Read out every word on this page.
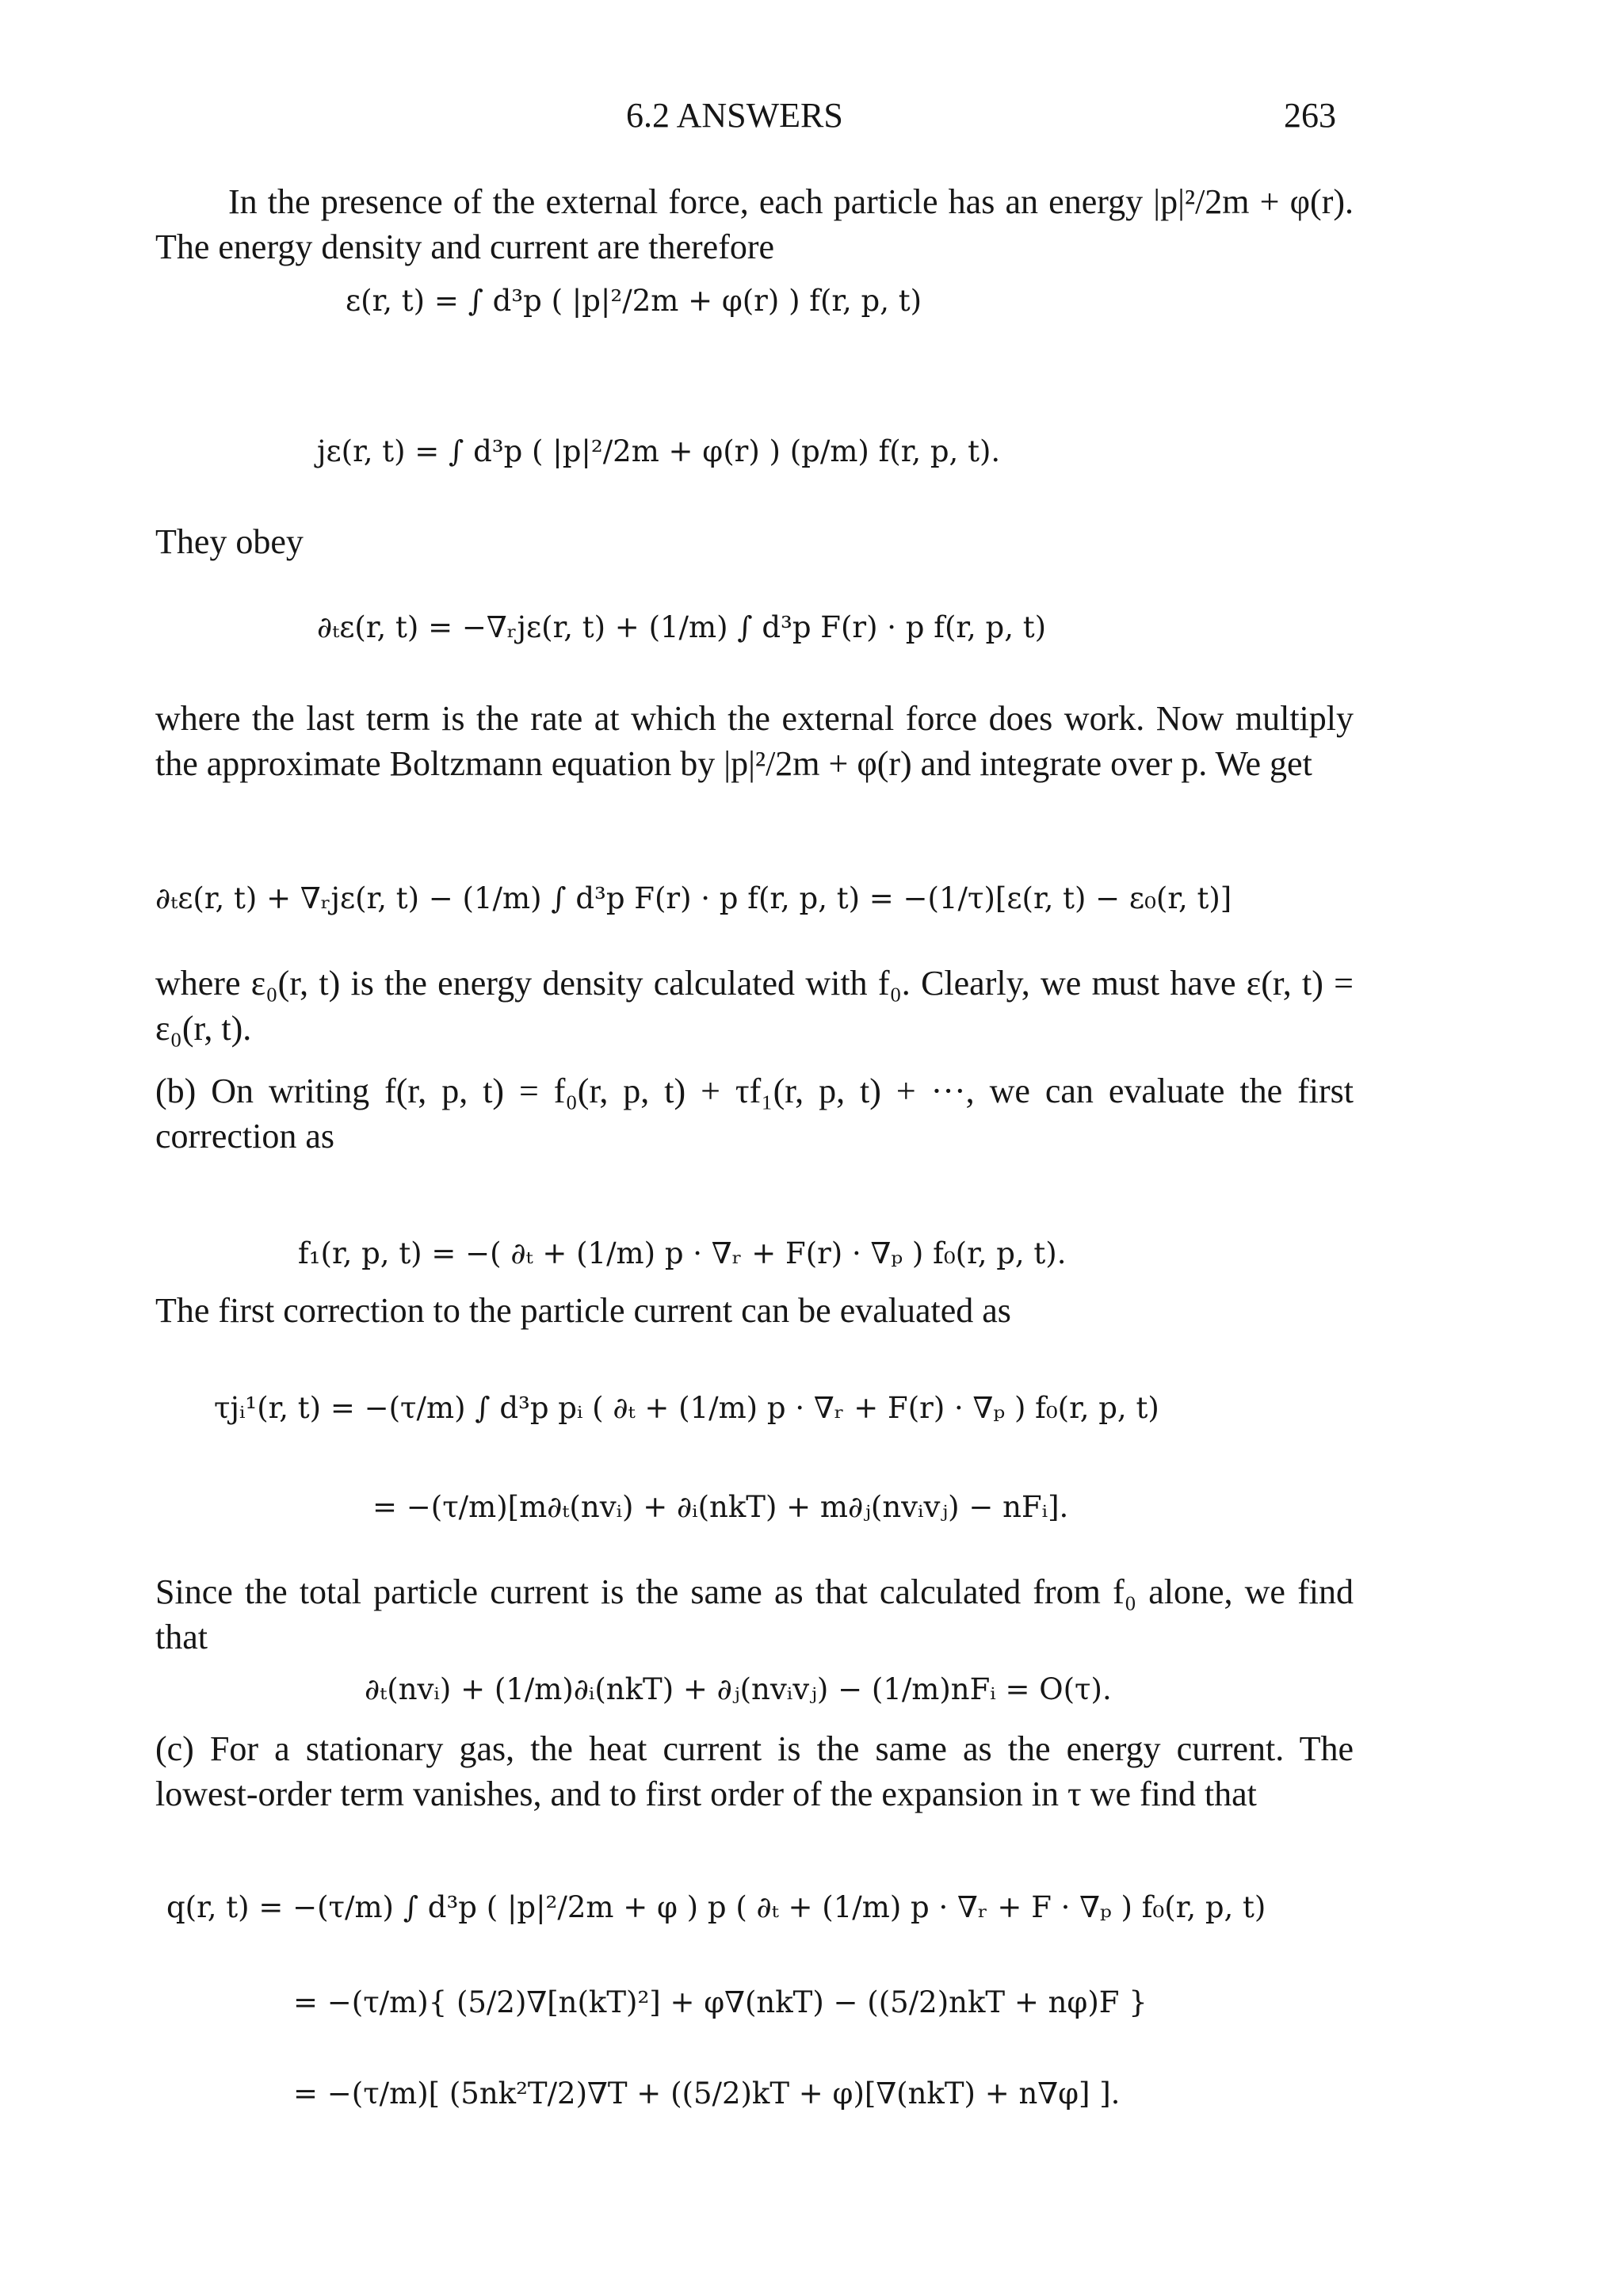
6.2 ANSWERS	263
In the presence of the external force, each particle has an energy |p|²/2m + φ(r). The energy density and current are therefore
ε(r, t) = ∫ d³p ( |p|²/2m + φ(r) ) f(r, p, t)
jε(r, t) = ∫ d³p ( |p|²/2m + φ(r) ) (p/m) f(r, p, t).
They obey
∂ₜε(r, t) = −∇ᵣjε(r, t) + (1/m) ∫ d³p F(r) · p f(r, p, t)
where the last term is the rate at which the external force does work. Now multiply the approximate Boltzmann equation by |p|²/2m + φ(r) and integrate over p. We get
∂ₜε(r, t) + ∇ᵣjε(r, t) − (1/m) ∫ d³p F(r) · p f(r, p, t) = −(1/τ)[ε(r, t) − ε₀(r, t)]
where ε₀(r, t) is the energy density calculated with f₀. Clearly, we must have ε(r, t) = ε₀(r, t).
(b) On writing f(r, p, t) = f₀(r, p, t) + τf₁(r, p, t) + ···, we can evaluate the first correction as
f₁(r, p, t) = −( ∂ₜ + (1/m) p · ∇ᵣ + F(r) · ∇ₚ ) f₀(r, p, t).
The first correction to the particle current can be evaluated as
τjᵢ¹(r, t) = −(τ/m) ∫ d³p pᵢ ( ∂ₜ + (1/m) p · ∇ᵣ + F(r) · ∇ₚ ) f₀(r, p, t)
= −(τ/m)[m∂ₜ(nvᵢ) + ∂ᵢ(nkT) + m∂ⱼ(nvᵢvⱼ) − nFᵢ].
Since the total particle current is the same as that calculated from f₀ alone, we find that
∂ₜ(nvᵢ) + (1/m)∂ᵢ(nkT) + ∂ⱼ(nvᵢvⱼ) − (1/m)nFᵢ = O(τ).
(c) For a stationary gas, the heat current is the same as the energy current. The lowest-order term vanishes, and to first order of the expansion in τ we find that
q(r, t) = −(τ/m) ∫ d³p ( |p|²/2m + φ ) p ( ∂ₜ + (1/m) p · ∇ᵣ + F · ∇ₚ ) f₀(r, p, t)
= −(τ/m){ (5/2)∇[n(kT)²] + φ∇(nkT) − ((5/2)nkT + nφ)F }
= −(τ/m)[ (5nk²T/2)∇T + ((5/2)kT + φ)[∇(nkT) + n∇φ] ].
